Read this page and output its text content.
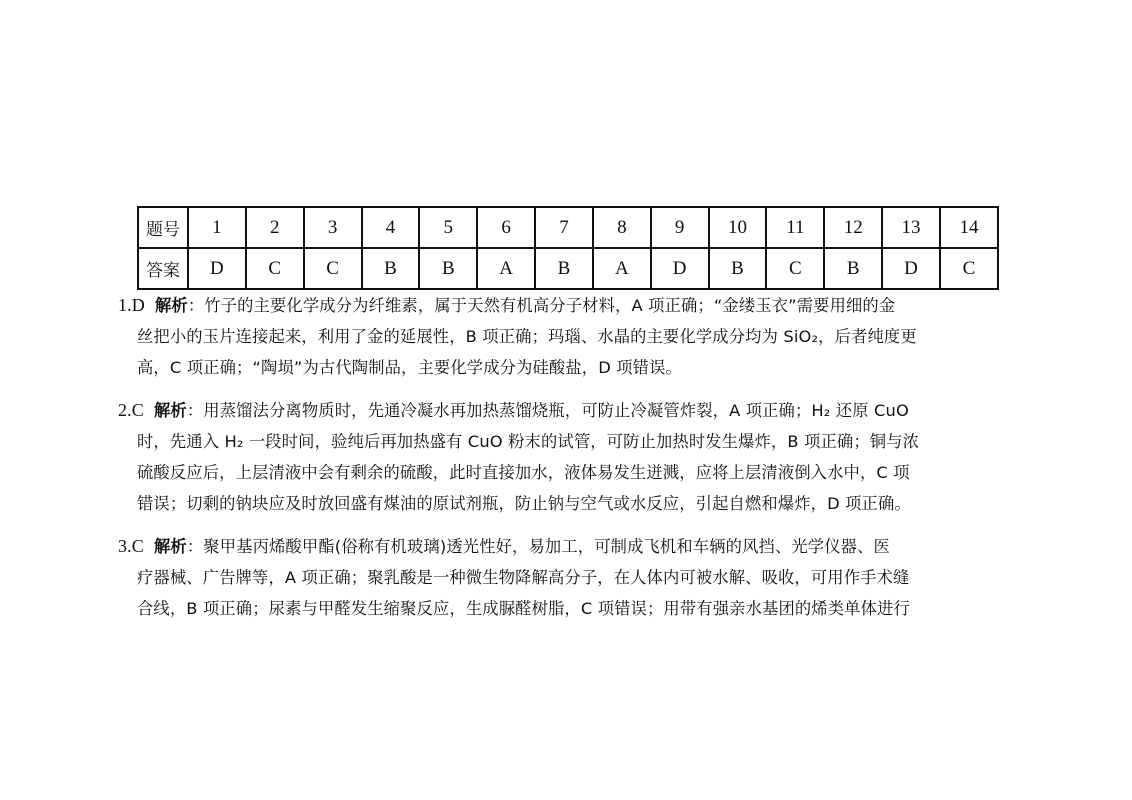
题号	1	2	3	4	5	6	7	8	9	10	11	12	13	14
答案	D	C	C	B	B	A	B	A	D	B	C	B	D	C
1.D 解析：竹子的主要化学成分为纤维素，属于天然有机高分子材料，A 项正确；“金缕玉衣”需要用细的金
丝把小的玉片连接起来，利用了金的延展性，B 项正确；玛瑙、水晶的主要化学成分均为 SiO₂，后者纯度更
高，C 项正确；“陶埙”为古代陶制品，主要化学成分为硅酸盐，D 项错误。
2.C 解析：用蒸馏法分离物质时，先通冷凝水再加热蒸馏烧瓶，可防止冷凝管炸裂，A 项正确；H₂ 还原 CuO
时，先通入 H₂ 一段时间，验纯后再加热盛有 CuO 粉末的试管，可防止加热时发生爆炸，B 项正确；铜与浓
硫酸反应后，上层清液中会有剩余的硫酸，此时直接加水，液体易发生迸溅，应将上层清液倒入水中，C 项
错误；切剩的钠块应及时放回盛有煤油的原试剂瓶，防止钠与空气或水反应，引起自燃和爆炸，D 项正确。
3.C 解析：聚甲基丙烯酸甲酯(俗称有机玻璃)透光性好，易加工，可制成飞机和车辆的风挡、光学仪器、医
疗器械、广告牌等，A 项正确；聚乳酸是一种微生物降解高分子，在人体内可被水解、吸收，可用作手术缝
合线，B 项正确；尿素与甲醛发生缩聚反应，生成脲醛树脂，C 项错误；用带有强亲水基团的烯类单体进行
